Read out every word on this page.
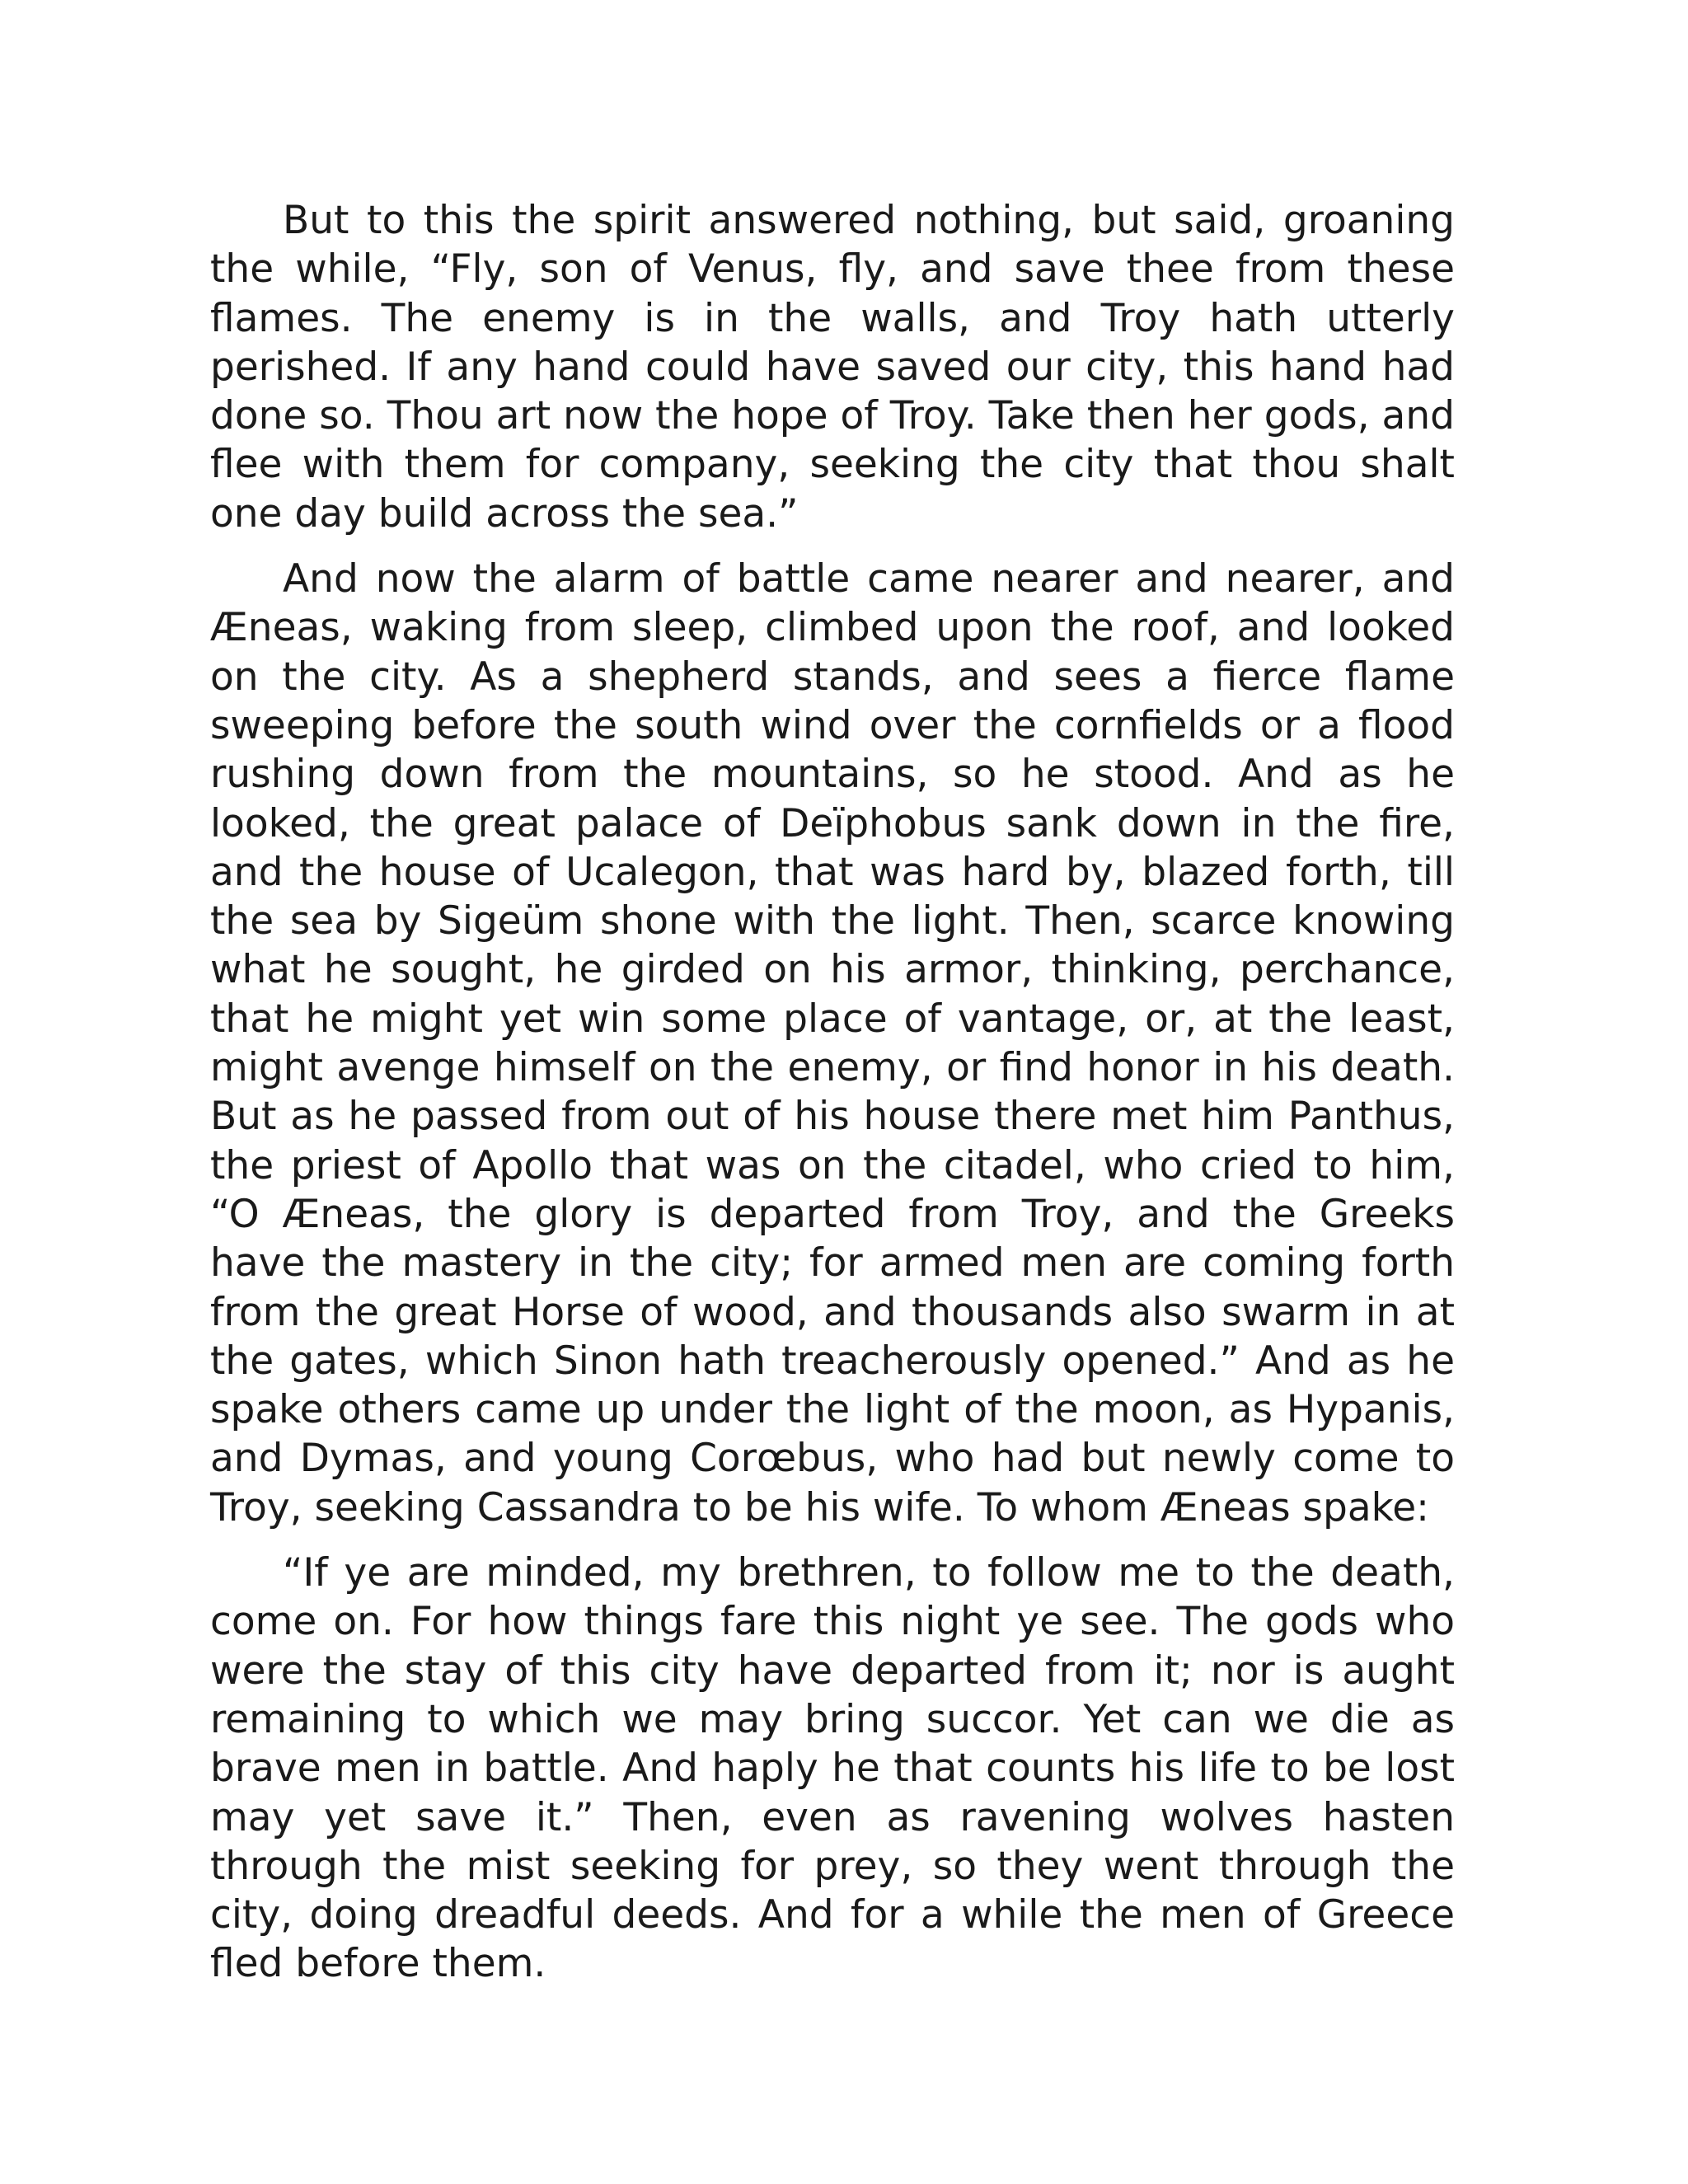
But to this the spirit answered nothing, but said, groaning the while, “Fly, son of Venus, fly, and save thee from these flames. The enemy is in the walls, and Troy hath utterly perished. If any hand could have saved our city, this hand had done so. Thou art now the hope of Troy. Take then her gods, and flee with them for company, seeking the city that thou shalt one day build across the sea.”

And now the alarm of battle came nearer and nearer, and Æneas, waking from sleep, climbed upon the roof, and looked on the city. As a shepherd stands, and sees a fierce flame sweeping before the south wind over the cornfields or a flood rushing down from the mountains, so he stood. And as he looked, the great palace of Deïphobus sank down in the fire, and the house of Ucalegon, that was hard by, blazed forth, till the sea by Sigeüm shone with the light. Then, scarce knowing what he sought, he girded on his armor, thinking, perchance, that he might yet win some place of vantage, or, at the least, might avenge himself on the enemy, or find honor in his death. But as he passed from out of his house there met him Panthus, the priest of Apollo that was on the citadel, who cried to him, “O Æneas, the glory is departed from Troy, and the Greeks have the mastery in the city; for armed men are coming forth from the great Horse of wood, and thousands also swarm in at the gates, which Sinon hath treacherously opened.” And as he spake others came up under the light of the moon, as Hypanis, and Dymas, and young Corœbus, who had but newly come to Troy, seeking Cassandra to be his wife. To whom Æneas spake:

“If ye are minded, my brethren, to follow me to the death, come on. For how things fare this night ye see. The gods who were the stay of this city have departed from it; nor is aught remaining to which we may bring succor. Yet can we die as brave men in battle. And haply he that counts his life to be lost may yet save it.” Then, even as ravening wolves hasten through the mist seeking for prey, so they went through the city, doing dreadful deeds. And for a while the men of Greece fled before them.
